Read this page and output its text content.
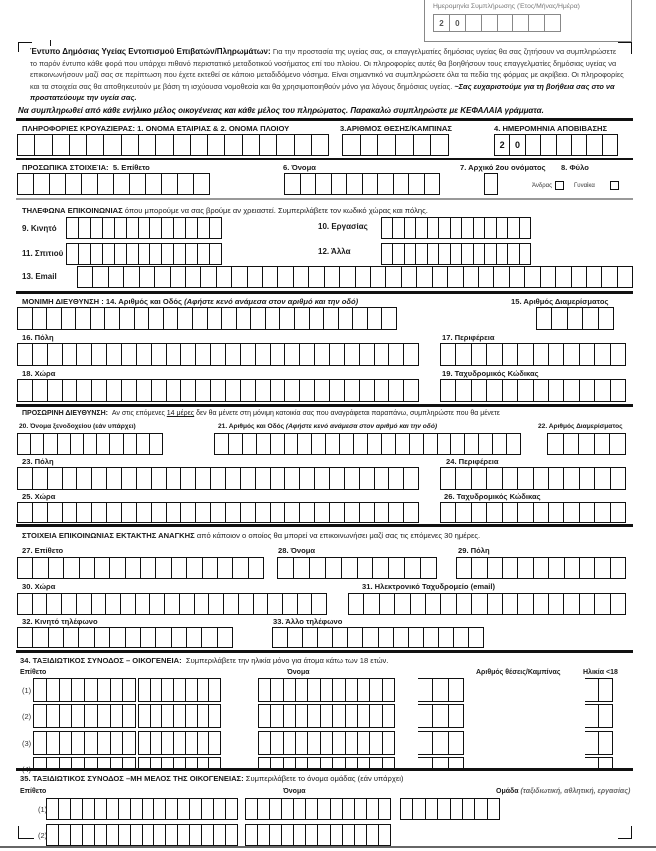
Ημερομηνία Συμπλήρωσης (Έτος/Μήνας/Ημέρα)
2	0
Έντυπο Δημόσιας Υγείας Εντοπισμού Επιβατών/Πληρωμάτων: Για την προστασία της υγείας σας, οι επαγγελματίες δημόσιας υγείας θα σας ζητήσουν να συμπληρώσετε το παρόν έντυπο κάθε φορά που υπάρχει πιθανό περιστατικό μεταδοτικού νοσήματος επί του πλοίου. Οι πληροφορίες αυτές θα βοηθήσουν τους επαγγελματίες δημόσιας υγείας να επικοινωνήσουν μαζί σας σε περίπτωση που έχετε εκτεθεί σε κάποιο μεταδιδόμενο νόσημα. Είναι σημαντικό να συμπληρώσετε όλα τα πεδία της φόρμας με ακρίβεια. Οι πληροφορίες και τα στοιχεία σας θα αποθηκευτούν με βάση τη ισχύουσα νομοθεσία και θα χρησιμοποιηθούν μόνο για λόγους δημόσιας υγείας. ~Σας ευχαριστούμε για τη βοήθεια σας στο να προστατεύουμε την υγεία σας.
Να συμπληρωθεί από κάθε ενήλικο μέλος οικογένειας και κάθε μέλος του πληρώματος. Παρακαλώ συμπληρώστε με ΚΕΦΑΛΑΙΑ γράμματα.
ΠΛΗΡΟΦΟΡΙΕΣ ΚΡΟΥΑΖΙΕΡΑΣ: 1. ΟΝΟΜΑ ΕΤΑΙΡΙΑΣ & 2. ΟΝΟΜΑ ΠΛΟΙΟΥ	3.ΑΡΙΘΜΟΣ ΘΕΣΗΣ/ΚΑΜΠΙΝΑΣ	4. ΗΜΕΡΟΜΗΝΙΑ ΑΠΟΒΙΒΑΣΗΣ
2	0
ΠΡΟΣΩΠΙΚΆ ΣΤΟΙΧΕΊΑ: 5. Επίθετο	6. Όνομα	7. Αρχικό 2ου ονόματος 8. Φύλο
Άνδρας	Γυναίκα
ΤΗΛΕΦΩΝΑ ΕΠΙΚΟΙΝΩΝΙΑΣ όπου μπορούμε να σας βρούμε αν χρειαστεί. Συμπεριλάβετε τον κωδικό χώρας και πόλης.
9. Κινητό	10. Εργασίας
11. Σπιτιού	12. Άλλα
13. Email
ΜΟΝΙΜΗ ΔΙΕΥΘΥΝΣΗ : 14. Αριθμός και Οδός (Αφήστε κενό ανάμεσα στον αριθμό και την οδό)	15. Αριθμός Διαμερίσματος
16. Πόλη	17. Περιφέρεια
18. Χώρα	19. Ταχυδρομικός Κώδικας
ΠΡΟΣΩΡΙΝΗ ΔΙΕΥΘΥΝΣΗ: Αν στις επόμενες 14 μέρες δεν θα μένετε στη μόνιμη κατοικία σας που αναγράφεται παραπάνω, συμπληρώστε που θα μένετε
20. Όνομα ξενοδοχείου (εάν υπάρχει)	21. Αριθμός και Οδός (Αφήστε κενό ανάμεσα στον αριθμό και την οδό)	22. Αριθμός Διαμερίσματος
23. Πόλη	24. Περιφέρεια
25. Χώρα	26. Ταχυδρομικός Κώδικας
ΣΤΟΙΧΕΙΑ ΕΠΙΚΟΙΝΩΝΙΑΣ ΕΚΤΑΚΤΗΣ ΑΝΑΓΚΗΣ από κάποιον ο οποίος θα μπορεί να επικοινωνήσει μαζί σας τις επόμενες 30 ημέρες.
27. Επίθετο	28. Όνομα	29. Πόλη
30. Χώρα	31. Ηλεκτρονικό Ταχυδρομείο (email)
32. Κινητό τηλέφωνο	33. Άλλο τηλέφωνο
34. ΤΑΞΙΔΙΩΤΙΚΟΣ ΣΥΝΟΔΟΣ – ΟΙΚΟΓΕΝΕΙΑ: Συμπεριλάβετε την ηλικία μόνο για άτομα κάτω των 18 ετών.
Επίθετο	Όνομα	Αριθμός θέσεις/Καμπίνας	Ηλικία <18
(1)
(2)
(3)
35. ΤΑΞΙΔΙΩΤΙΚΟΣ ΣΥΝΟΔΟΣ –ΜΗ ΜΕΛΟΣ ΤΗΣ ΟΙΚΟΓΕΝΕΙΑΣ: Συμπεριλάβετε το όνομα ομάδας (εάν υπάρχει)
Επίθετο	Όνομα	Ομάδα (ταξιδιωτική, αθλητική, εργασίας)
(1)
(2)
